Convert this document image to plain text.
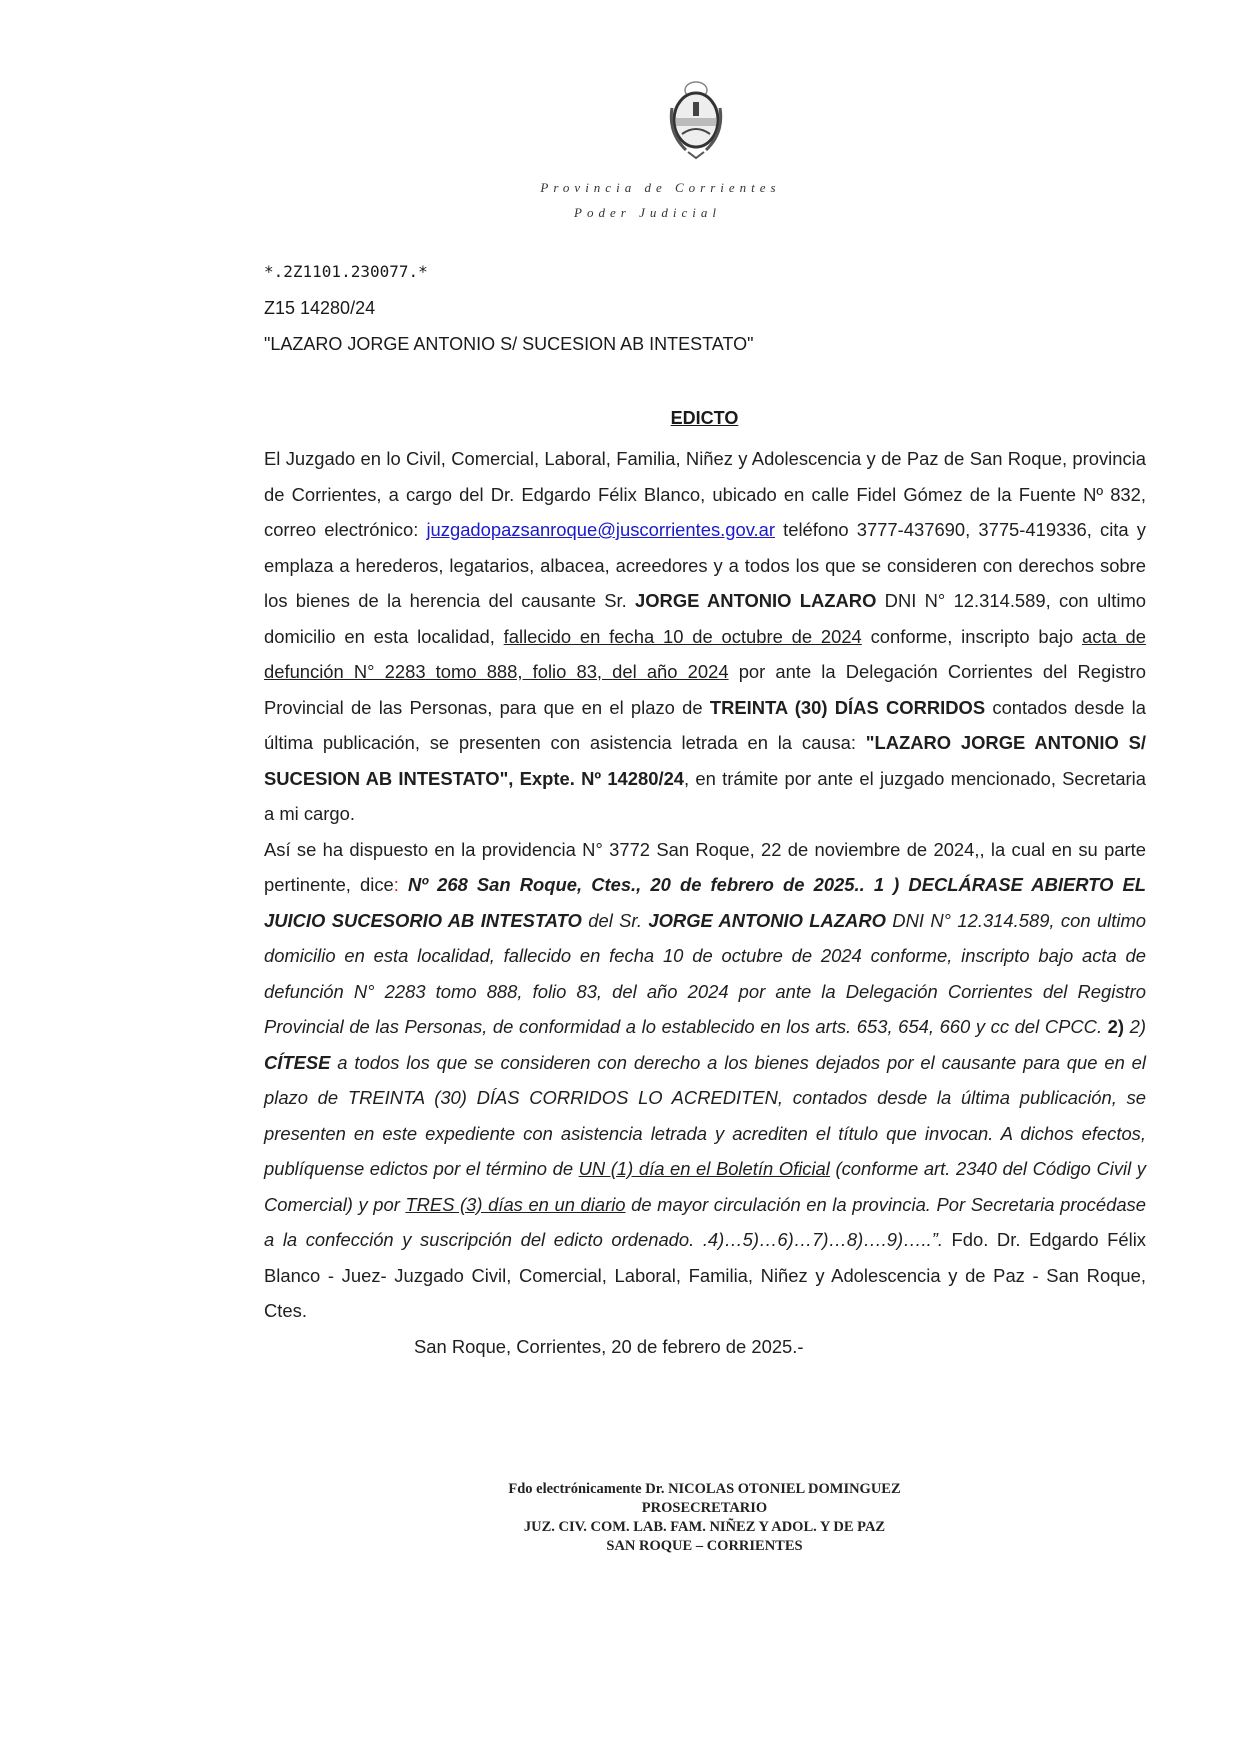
Provincia de Corrientes
Poder Judicial
*.2Z1101.230077.*
Z15 14280/24
"LAZARO JORGE ANTONIO S/ SUCESION AB INTESTATO"
EDICTO

El Juzgado en lo Civil, Comercial, Laboral, Familia, Niñez y Adolescencia y de Paz de San Roque, provincia de Corrientes, a cargo del Dr. Edgardo Félix Blanco, ubicado en calle Fidel Gómez de la Fuente Nº 832, correo electrónico: juzgadopazsanroque@juscorrientes.gov.ar teléfono 3777-437690, 3775-419336, cita y emplaza a herederos, legatarios, albacea, acreedores y a todos los que se consideren con derechos sobre los bienes de la herencia del causante Sr. JORGE ANTONIO LAZARO DNI N° 12.314.589, con ultimo domicilio en esta localidad, fallecido en fecha 10 de octubre de 2024 conforme, inscripto bajo acta de defunción N° 2283 tomo 888, folio 83, del año 2024 por ante la Delegación Corrientes del Registro Provincial de las Personas, para que en el plazo de TREINTA (30) DÍAS CORRIDOS contados desde la última publicación, se presenten con asistencia letrada en la causa: "LAZARO JORGE ANTONIO S/ SUCESION AB INTESTATO", Expte. Nº 14280/24, en trámite por ante el juzgado mencionado, Secretaria a mi cargo.

Así se ha dispuesto en la providencia N° 3772 San Roque, 22 de noviembre de 2024,, la cual en su parte pertinente, dice: Nº 268 San Roque, Ctes., 20 de febrero de 2025.. 1 ) DECLÁRASE ABIERTO EL JUICIO SUCESORIO AB INTESTATO del Sr. JORGE ANTONIO LAZARO DNI N° 12.314.589, con ultimo domicilio en esta localidad, fallecido en fecha 10 de octubre de 2024 conforme, inscripto bajo acta de defunción N° 2283 tomo 888, folio 83, del año 2024 por ante la Delegación Corrientes del Registro Provincial de las Personas, de conformidad a lo establecido en los arts. 653, 654, 660 y cc del CPCC. 2) 2) CÍTESE a todos los que se consideren con derecho a los bienes dejados por el causante para que en el plazo de TREINTA (30) DÍAS CORRIDOS LO ACREDITEN, contados desde la última publicación, se presenten en este expediente con asistencia letrada y acrediten el título que invocan. A dichos efectos, publíquense edictos por el término de UN (1) día en el Boletín Oficial (conforme art. 2340 del Código Civil y Comercial) y por TRES (3) días en un diario de mayor circulación en la provincia. Por Secretaria procédase a la confección y suscripción del edicto ordenado. .4)…5)…6)…7)…8)….9)…..”. Fdo. Dr. Edgardo Félix Blanco - Juez- Juzgado Civil, Comercial, Laboral, Familia, Niñez y Adolescencia y de Paz - San Roque, Ctes.

San Roque, Corrientes, 20 de febrero de 2025.-
Fdo electrónicamente Dr. NICOLAS OTONIEL DOMINGUEZ
PROSECRETARIO
JUZ. CIV. COM. LAB. FAM. NIÑEZ Y ADOL. Y DE PAZ
SAN ROQUE – CORRIENTES
